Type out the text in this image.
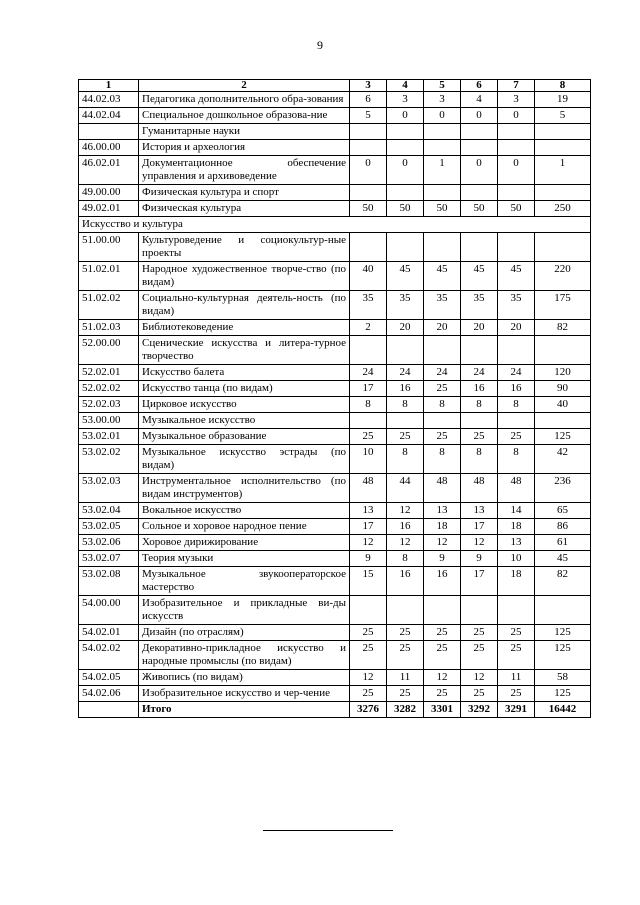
9
1	2	3	4	5	6	7	8
44.02.03	Педагогика дополнительного обра-зования	6	3	3	4	3	19
44.02.04	Специальное дошкольное образова-ние	5	0	0	0	0	5
	Гуманитарные науки						
46.00.00	История и археология						
46.02.01	Документационное обеспечение управления и архивоведение	0	0	1	0	0	1
49.00.00	Физическая культура и спорт						
49.02.01	Физическая культура	50	50	50	50	50	250
Искусство и культура							
51.00.00	Культуроведение и социокультур-ные проекты						
51.02.01	Народное художественное творче-ство (по видам)	40	45	45	45	45	220
51.02.02	Социально-культурная деятель-ность (по видам)	35	35	35	35	35	175
51.02.03	Библиотековедение	2	20	20	20	20	82
52.00.00	Сценические искусства и литера-турное творчество						
52.02.01	Искусство балета	24	24	24	24	24	120
52.02.02	Искусство танца (по видам)	17	16	25	16	16	90
52.02.03	Цирковое искусство	8	8	8	8	8	40
53.00.00	Музыкальное искусство						
53.02.01	Музыкальное образование	25	25	25	25	25	125
53.02.02	Музыкальное искусство эстрады (по видам)	10	8	8	8	8	42
53.02.03	Инструментальное исполнительство (по видам инструментов)	48	44	48	48	48	236
53.02.04	Вокальное искусство	13	12	13	13	14	65
53.02.05	Сольное и хоровое народное пение	17	16	18	17	18	86
53.02.06	Хоровое дирижирование	12	12	12	12	13	61
53.02.07	Теория музыки	9	8	9	9	10	45
53.02.08	Музыкальное звукооператорское мастерство	15	16	16	17	18	82
54.00.00	Изобразительное и прикладные ви-ды искусств						
54.02.01	Дизайн (по отраслям)	25	25	25	25	25	125
54.02.02	Декоративно-прикладное искусство и народные промыслы (по видам)	25	25	25	25	25	125
54.02.05	Живопись (по видам)	12	11	12	12	11	58
54.02.06	Изобразительное искусство и чер-чение	25	25	25	25	25	125
	Итого	3276	3282	3301	3292	3291	16442
